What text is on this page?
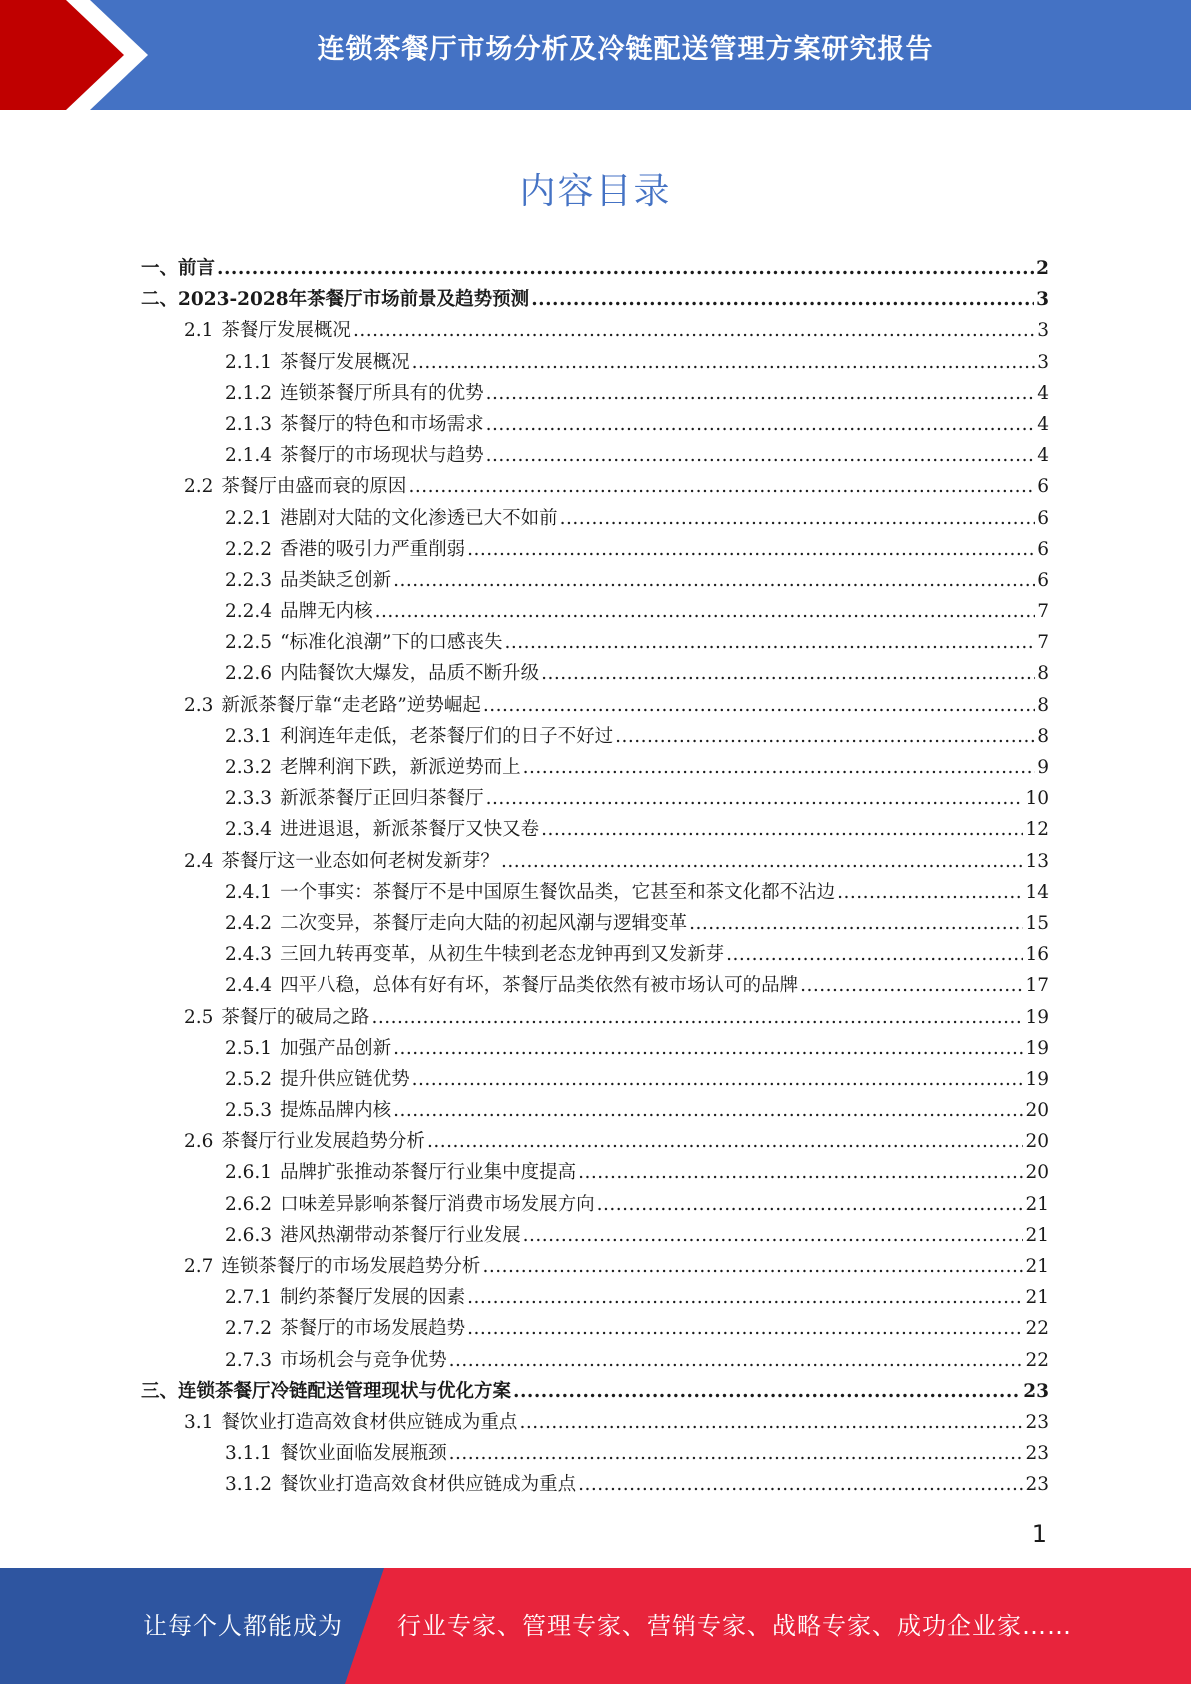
连锁茶餐厅市场分析及冷链配送管理方案研究报告
内容目录
一、 前言 .....	2
二、 2023-2028年茶餐厅市场前景及趋势预测 .....	3
2.1 茶餐厅发展概况 .....	3
2.1.1 茶餐厅发展概况 .....	3
2.1.2 连锁茶餐厅所具有的优势 .....	4
2.1.3 茶餐厅的特色和市场需求 .....	4
2.1.4 茶餐厅的市场现状与趋势 .....	4
2.2 茶餐厅由盛而衰的原因 .....	6
2.2.1 港剧对大陆的文化渗透已大不如前 .....	6
2.2.2 香港的吸引力严重削弱 .....	6
2.2.3 品类缺乏创新 .....	6
2.2.4 品牌无内核 .....	7
2.2.5 “标准化浪潮”下的口感丧失 .....	7
2.2.6 内陆餐饮大爆发，品质不断升级 .....	8
2.3 新派茶餐厅靠“走老路”逆势崛起 .....	8
2.3.1 利润连年走低，老茶餐厅们的日子不好过 .....	8
2.3.2 老牌利润下跌，新派逆势而上 .....	9
2.3.3 新派茶餐厅正回归茶餐厅 .....	10
2.3.4 进进退退，新派茶餐厅又快又卷 .....	12
2.4 茶餐厅这一业态如何老树发新芽？ .....	13
2.4.1 一个事实：茶餐厅不是中国原生餐饮品类，它甚至和茶文化都不沾边 .....	14
2.4.2 二次变异，茶餐厅走向大陆的初起风潮与逻辑变革 .....	15
2.4.3 三回九转再变革，从初生牛犊到老态龙钟再到又发新芽 .....	16
2.4.4 四平八稳，总体有好有坏，茶餐厅品类依然有被市场认可的品牌 .....	17
2.5 茶餐厅的破局之路 .....	19
2.5.1 加强产品创新 .....	19
2.5.2 提升供应链优势 .....	19
2.5.3 提炼品牌内核 .....	20
2.6 茶餐厅行业发展趋势分析 .....	20
2.6.1 品牌扩张推动茶餐厅行业集中度提高 .....	20
2.6.2 口味差异影响茶餐厅消费市场发展方向 .....	21
2.6.3 港风热潮带动茶餐厅行业发展 .....	21
2.7 连锁茶餐厅的市场发展趋势分析 .....	21
2.7.1 制约茶餐厅发展的因素 .....	21
2.7.2 茶餐厅的市场发展趋势 .....	22
2.7.3 市场机会与竞争优势 .....	22
三、 连锁茶餐厅冷链配送管理现状与优化方案 .....	23
3.1 餐饮业打造高效食材供应链成为重点 .....	23
3.1.1 餐饮业面临发展瓶颈 .....	23
3.1.2 餐饮业打造高效食材供应链成为重点 .....	23
1
让每个人都能成为 行业专家、管理专家、营销专家、战略专家、成功企业家……
